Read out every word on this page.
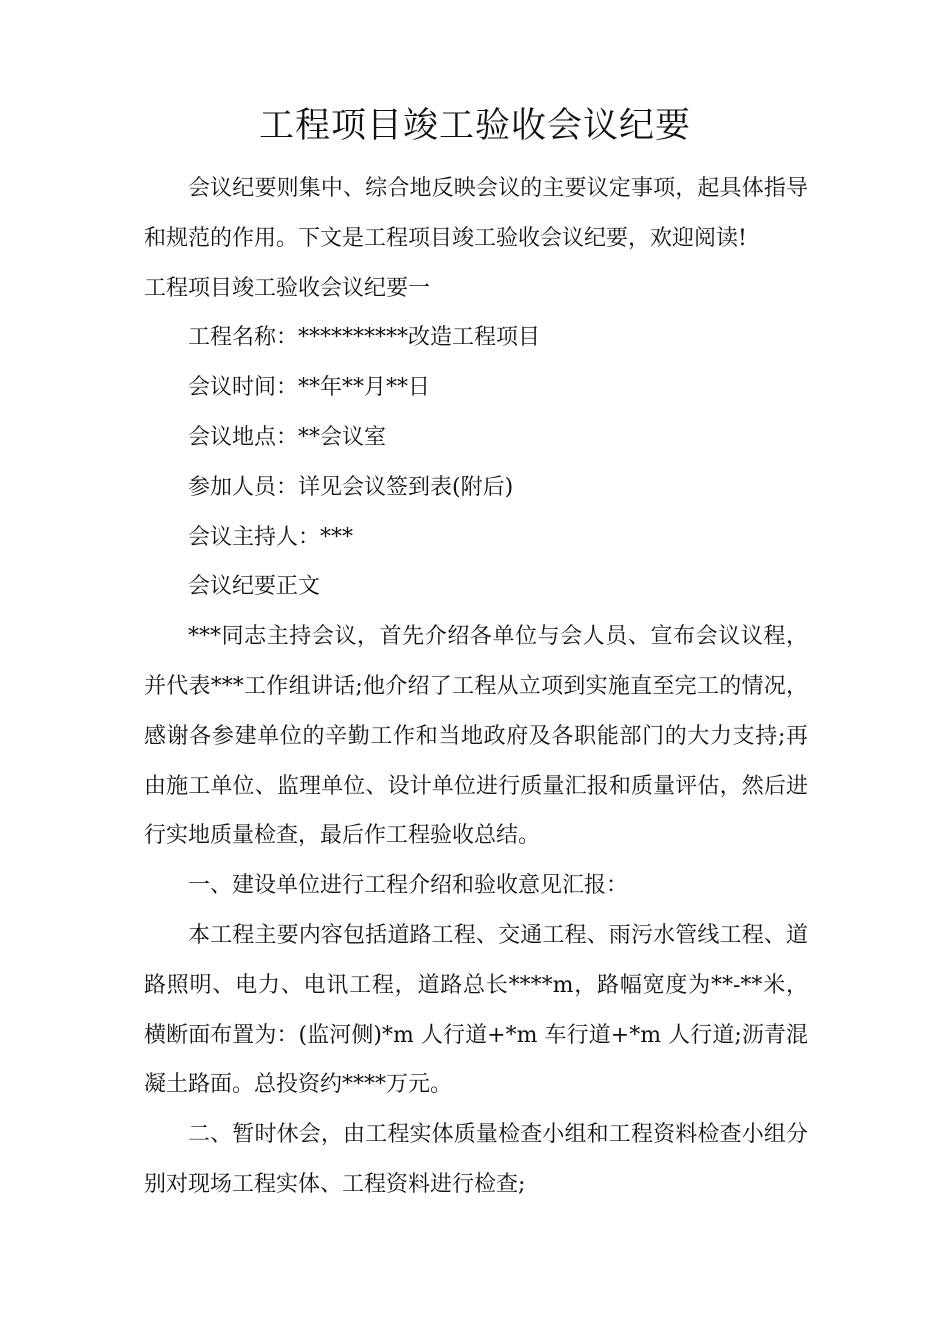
工程项目竣工验收会议纪要

会议纪要则集中、综合地反映会议的主要议定事项，起具体指导和规范的作用。下文是工程项目竣工验收会议纪要，欢迎阅读!

工程项目竣工验收会议纪要一

工程名称：**********改造工程项目

会议时间：**年**月**日

会议地点：**会议室

参加人员：详见会议签到表(附后)

会议主持人：***

会议纪要正文

***同志主持会议，首先介绍各单位与会人员、宣布会议议程，并代表***工作组讲话;他介绍了工程从立项到实施直至完工的情况，感谢各参建单位的辛勤工作和当地政府及各职能部门的大力支持;再由施工单位、监理单位、设计单位进行质量汇报和质量评估，然后进行实地质量检查，最后作工程验收总结。

一、建设单位进行工程介绍和验收意见汇报：

本工程主要内容包括道路工程、交通工程、雨污水管线工程、道路照明、电力、电讯工程，道路总长****m，路幅宽度为**-**米，横断面布置为：(监河侧)*m 人行道+*m 车行道+*m 人行道;沥青混凝土路面。总投资约****万元。

二、暂时休会，由工程实体质量检查小组和工程资料检查小组分别对现场工程实体、工程资料进行检查;
